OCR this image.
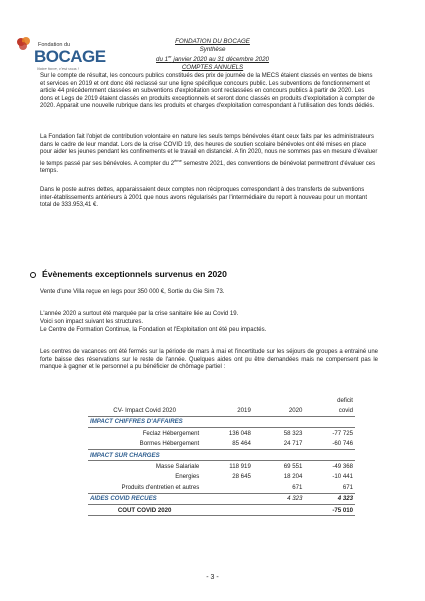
Fondation du
BOCAGE
Notre force, c'est vous !
FONDATION DU BOCAGE
Synthèse
du 1er janvier 2020 au 31 décembre 2020
COMPTES ANNUELS

Sur le compte de résultat, les concours publics constitués des prix de journée de la MECS étaient classés en ventes de biens et services en 2019 et ont donc été reclassé sur une ligne spécifique concours public. Les subventions de fonctionnement et article 44 précédemment classées en subventions d'exploitation sont reclassées en concours publics à partir de 2020. Les dons et Legs de 2019 étaient classés en produits exceptionnels et seront donc classés en produits d'exploitation à compter de 2020. Apparait une nouvelle rubrique dans les produits et charges d'exploitation correspondant à l'utilisation des fonds dédiés.

La Fondation fait l'objet de contribution volontaire en nature les seuls temps bénévoles étant ceux faits par les administrateurs dans le cadre de leur mandat. Lors de la crise COVID 19, des heures de soutien scolaire bénévoles ont été mises en place pour aider les jeunes pendant les confinements et le travail en distanciel. A fin 2020, nous ne sommes pas en mesure d'évaluer le temps passé par ses bénévoles. A compter du 2ème semestre 2021, des conventions de bénévolat permettront d'évaluer ces temps.

Dans le poste autres dettes, apparaissaient deux comptes non réciproques correspondant à des transferts de subventions inter-établissements antérieurs à 2001 que nous avons régularisés par l'intermédiaire du report à nouveau pour un montant total de 333.953,41 €.

Évènements exceptionnels survenus en 2020

Vente d'une Villa reçue en legs pour 350 000 €, Sortie du Gie Sim 73.

L'année 2020 a surtout été marquée par la crise sanitaire liée au Covid 19.

Voici son impact suivant les structures.

Le Centre de Formation Continue, la Fondation et l'Exploitation ont été peu impactés.

Les centres de vacances ont été fermés sur la période de mars à mai et l'incertitude sur les séjours de groupes a entrainé une forte baisse des réservations sur le reste de l'année. Quelques aides ont pu être demandées mais ne compensent pas le manque à gagner et le personnel a pu bénéficier de chômage partiel :

			deficit
CV- Impact Covid 2020	2019	2020	covid
IMPACT CHIFFRES D'AFFAIRES			
Feclaz Hébergement	136 048	58 323	-77 725
Bormes Hébergement	85 464	24 717	-60 746
IMPACT SUR CHARGES			
Masse Salariale	118 919	69 551	-49 368
Energies	28 645	18 204	-10 441
Produits d'entretien et autres		671	671
AIDES COVID RECUES		4 323	4 323
COUT COVID 2020			-75 010
- 3 -
